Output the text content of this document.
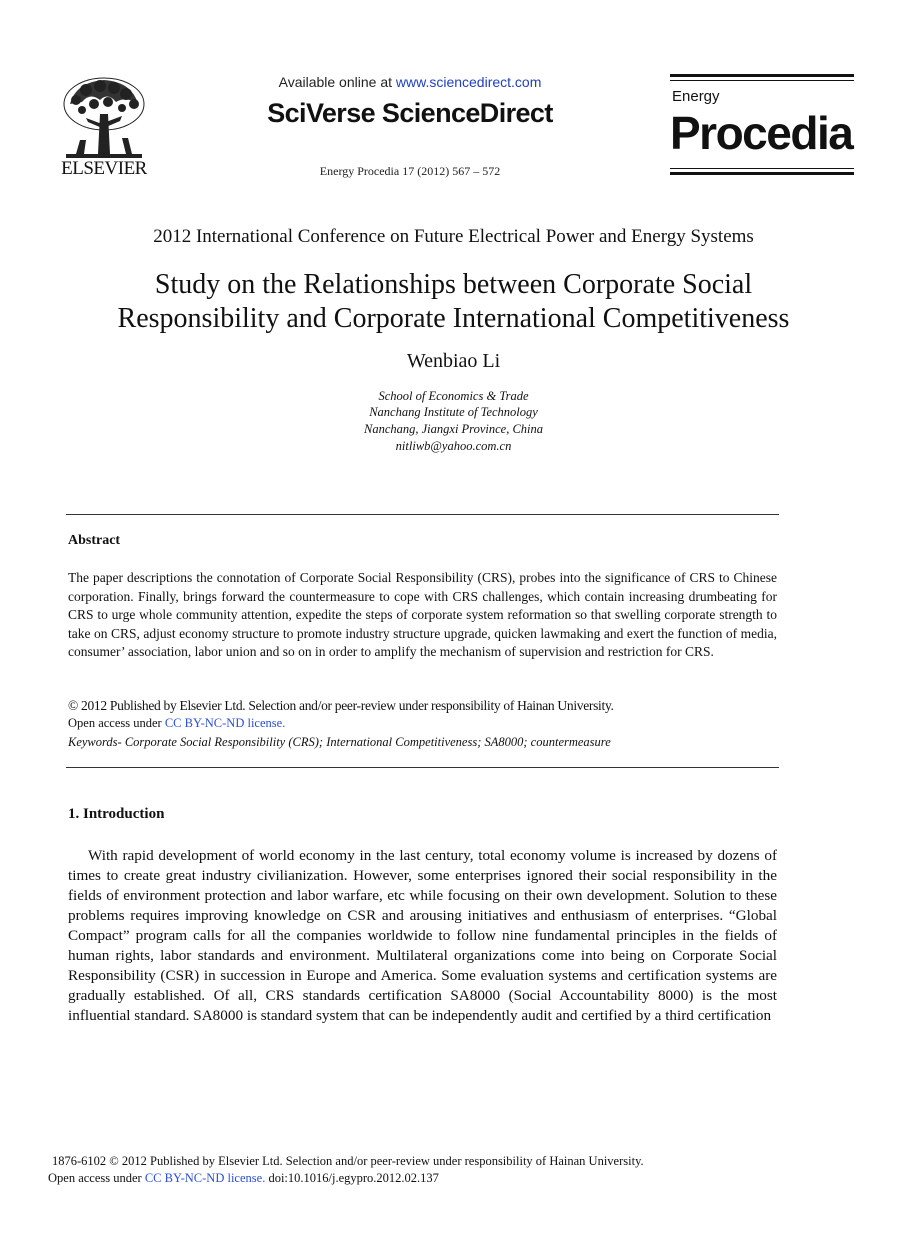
ELSEVIER
Available online at www.sciencedirect.com
SciVerse ScienceDirect
Energy Procedia 17 (2012) 567 – 572
Energy
Procedia
2012 International Conference on Future Electrical Power and Energy Systems
Study on the Relationships between Corporate Social
Responsibility and Corporate International Competitiveness
Wenbiao Li
School of Economics & Trade
Nanchang Institute of Technology
Nanchang, Jiangxi Province, China
nitliwb@yahoo.com.cn
Abstract
The paper descriptions the connotation of Corporate Social Responsibility (CRS), probes into the significance of CRS to Chinese corporation. Finally, brings forward the countermeasure to cope with CRS challenges, which contain increasing drumbeating for CRS to urge whole community attention, expedite the steps of corporate system reformation so that swelling corporate strength to take on CRS, adjust economy structure to promote industry structure upgrade, quicken lawmaking and exert the function of media, consumer’ association, labor union and so on in order to amplify the mechanism of supervision and restriction for CRS.
© 2012 Published by Elsevier Ltd. Selection and/or peer-review under responsibility of Hainan University.
Open access under CC BY-NC-ND license.
Keywords- Corporate Social Responsibility (CRS); International Competitiveness; SA8000; countermeasure
1. Introduction
With rapid development of world economy in the last century, total economy volume is increased by dozens of times to create great industry civilianization. However, some enterprises ignored their social responsibility in the fields of environment protection and labor warfare, etc while focusing on their own development. Solution to these problems requires improving knowledge on CSR and arousing initiatives and enthusiasm of enterprises. “Global Compact” program calls for all the companies worldwide to follow nine fundamental principles in the fields of human rights, labor standards and environment. Multilateral organizations come into being on Corporate Social Responsibility (CSR) in succession in Europe and America. Some evaluation systems and certification systems are gradually established. Of all, CRS standards certification SA8000 (Social Accountability 8000) is the most influential standard. SA8000 is standard system that can be independently audit and certified by a third certification
1876-6102 © 2012 Published by Elsevier Ltd. Selection and/or peer-review under responsibility of Hainan University.
Open access under CC BY-NC-ND license. doi:10.1016/j.egypro.2012.02.137
